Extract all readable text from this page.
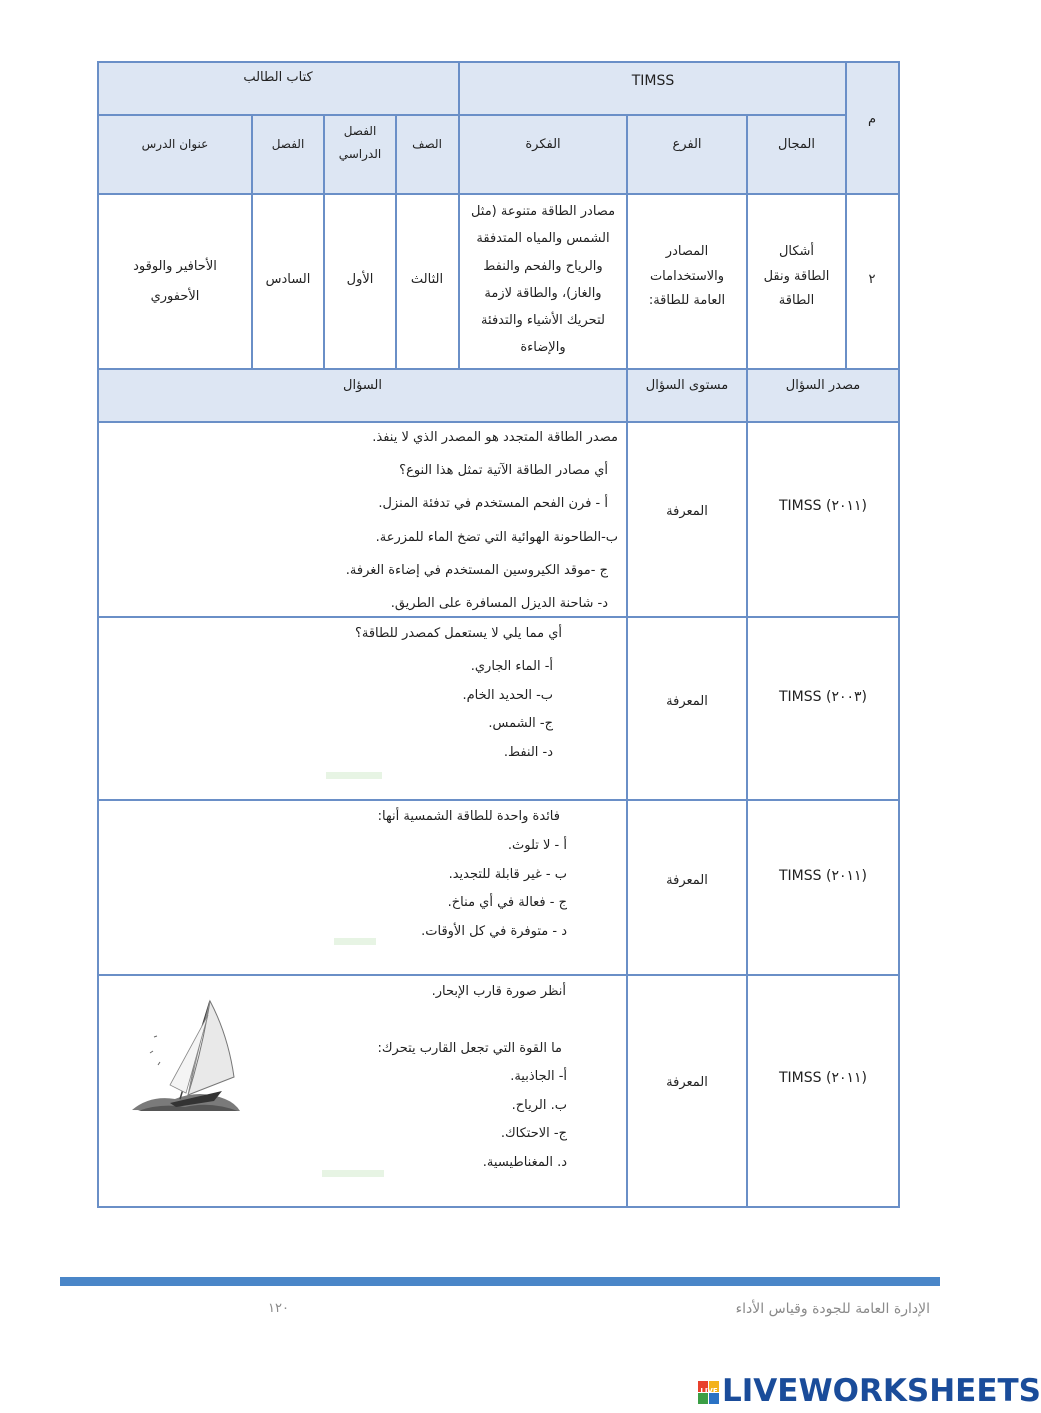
م
TIMSS
كتاب الطالب
المجال
الفرع
الفكرة
الصف
الفصل
الدراسي
الفصل
عنوان الدرس
٢
أشكال
الطاقة ونقل
الطاقة
المصادر
والاستخدامات
العامة للطاقة:
مصادر الطاقة متنوعة (مثل
الشمس والمياه المتدفقة
والرياح والفحم والنفط
والغاز)، والطاقة لازمة
لتحريك الأشياء والتدفئة
والإضاءة
الثالث
الأول
السادس
الأحافير والوقود
الأحفوري
مصدر السؤال
مستوى السؤال
السؤال
TIMSS (٢٠١١)
المعرفة
مصدر الطاقة المتجدد هو المصدر الذي لا ينفذ.
أي مصادر الطاقة الآتية تمثل هذا النوع؟
أ - فرن الفحم المستخدم في تدفئة المنزل.
ب-الطاحونة الهوائية التي تضخ الماء للمزرعة.
ج -موقد الكيروسين المستخدم في إضاءة الغرفة.
د- شاحنة الديزل المسافرة على الطريق.
TIMSS (٢٠٠٣)
المعرفة
أي مما يلي لا يستعمل كمصدر للطاقة؟
أ- الماء الجاري.
ب- الحديد الخام.
ج- الشمس.
د- النفط.
TIMSS (٢٠١١)
المعرفة
فائدة واحدة للطاقة الشمسية أنها:
أ - لا تلوث.
ب - غير قابلة للتجديد.
ج - فعالة في أي مناخ.
د - متوفرة في كل الأوقات.
TIMSS (٢٠١١)
المعرفة
أنظر صورة قارب الإبحار.
ما القوة التي تجعل القارب يتحرك:
أ- الجاذبية.
ب. الرياح.
ج- الاحتكاك.
د. المغناطيسية.
١٢٠	الإدارة العامة للجودة وقياس الأداء
LIVE LIVEWORKSHEETS
